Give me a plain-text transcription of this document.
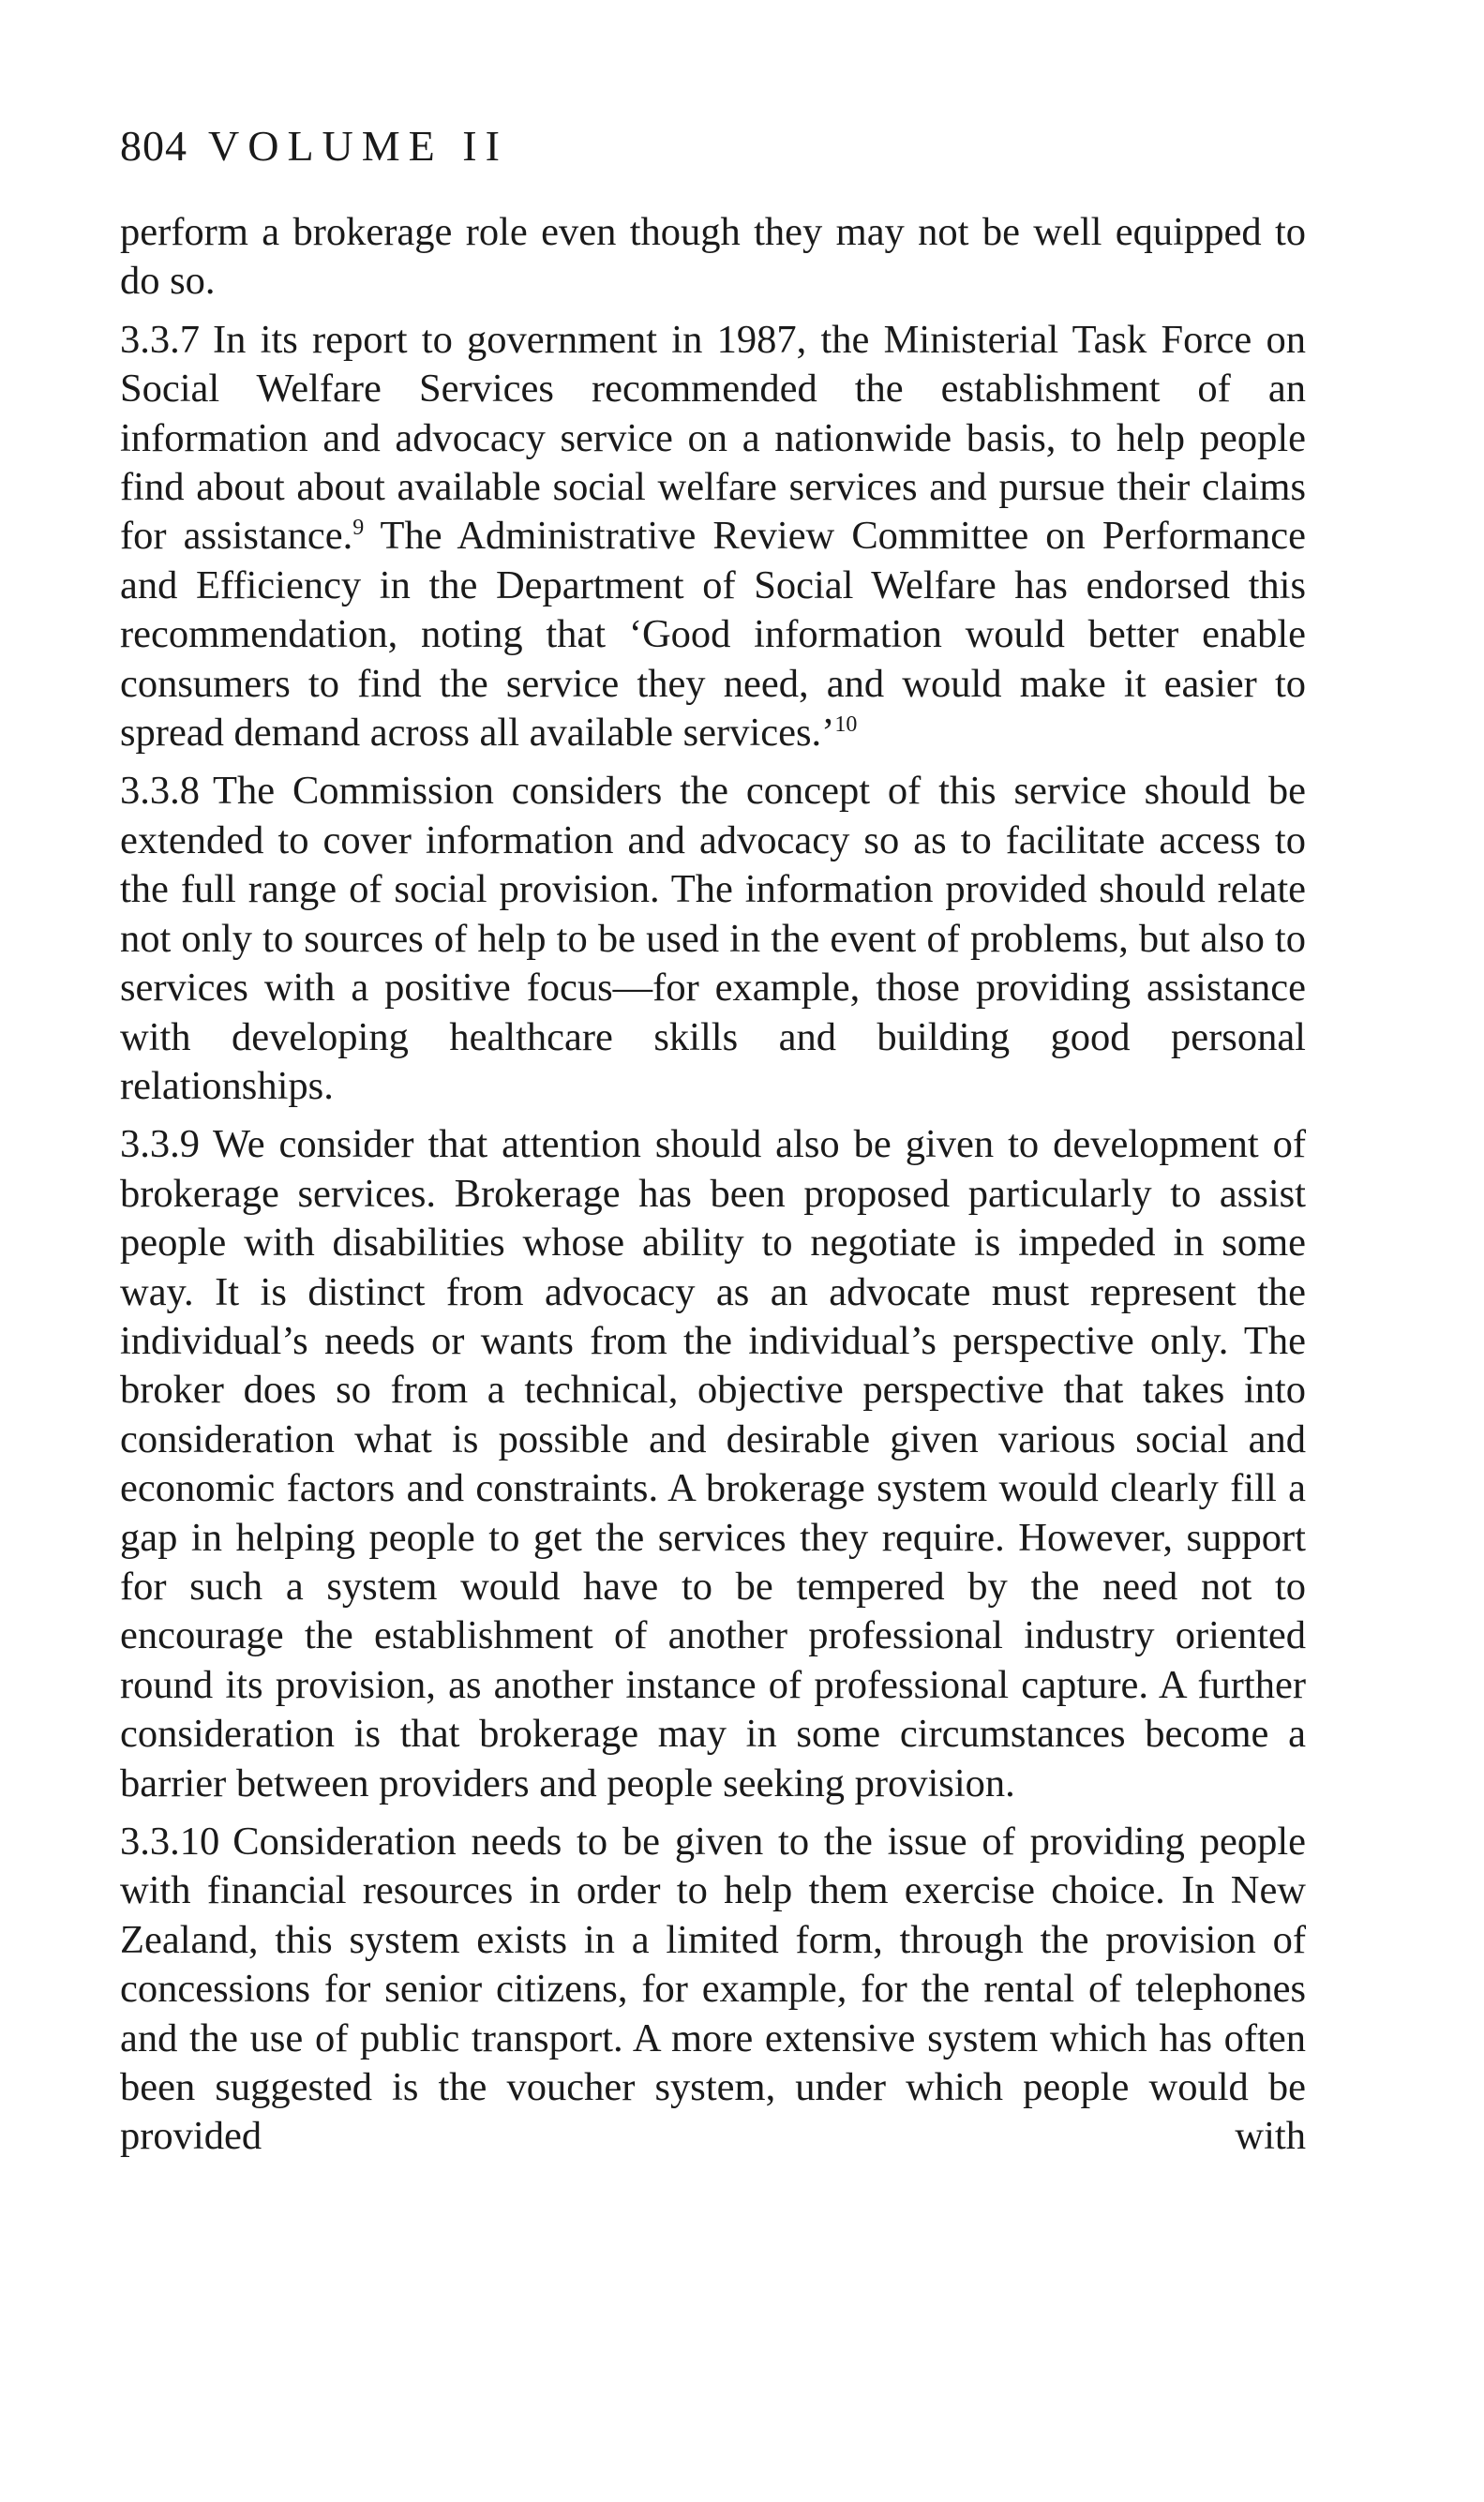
804 VOLUME II

perform a brokerage role even though they may not be well equipped to do so.

3.3.7 In its report to government in 1987, the Ministerial Task Force on Social Welfare Services recommended the establishment of an information and advocacy service on a nationwide basis, to help people find about about available social welfare services and pursue their claims for assistance.$^9$ The Administrative Review Committee on Performance and Efficiency in the Department of Social Welfare has endorsed this recommendation, noting that ‘Good information would better enable consumers to find the service they need, and would make it easier to spread demand across all available services.’$^{10}$

3.3.8 The Commission considers the concept of this service should be extended to cover information and advocacy so as to facilitate access to the full range of social provision. The information provided should relate not only to sources of help to be used in the event of problems, but also to services with a positive focus—for example, those providing assistance with developing healthcare skills and building good personal relationships.

3.3.9 We consider that attention should also be given to development of brokerage services. Brokerage has been proposed particularly to assist people with disabilities whose ability to negotiate is impeded in some way. It is distinct from advocacy as an advocate must represent the individual’s needs or wants from the individual’s perspective only. The broker does so from a technical, objective perspective that takes into consideration what is possible and desirable given various social and economic factors and constraints. A brokerage system would clearly fill a gap in helping people to get the services they require. However, support for such a system would have to be tempered by the need not to encourage the establishment of another professional industry oriented round its provision, as another instance of professional capture. A further consideration is that brokerage may in some circumstances become a barrier between providers and people seeking provision.

3.3.10 Consideration needs to be given to the issue of providing people with financial resources in order to help them exercise choice. In New Zealand, this system exists in a limited form, through the provision of concessions for senior citizens, for example, for the rental of telephones and the use of public transport. A more extensive system which has often been suggested is the voucher system, under which people would be provided with
